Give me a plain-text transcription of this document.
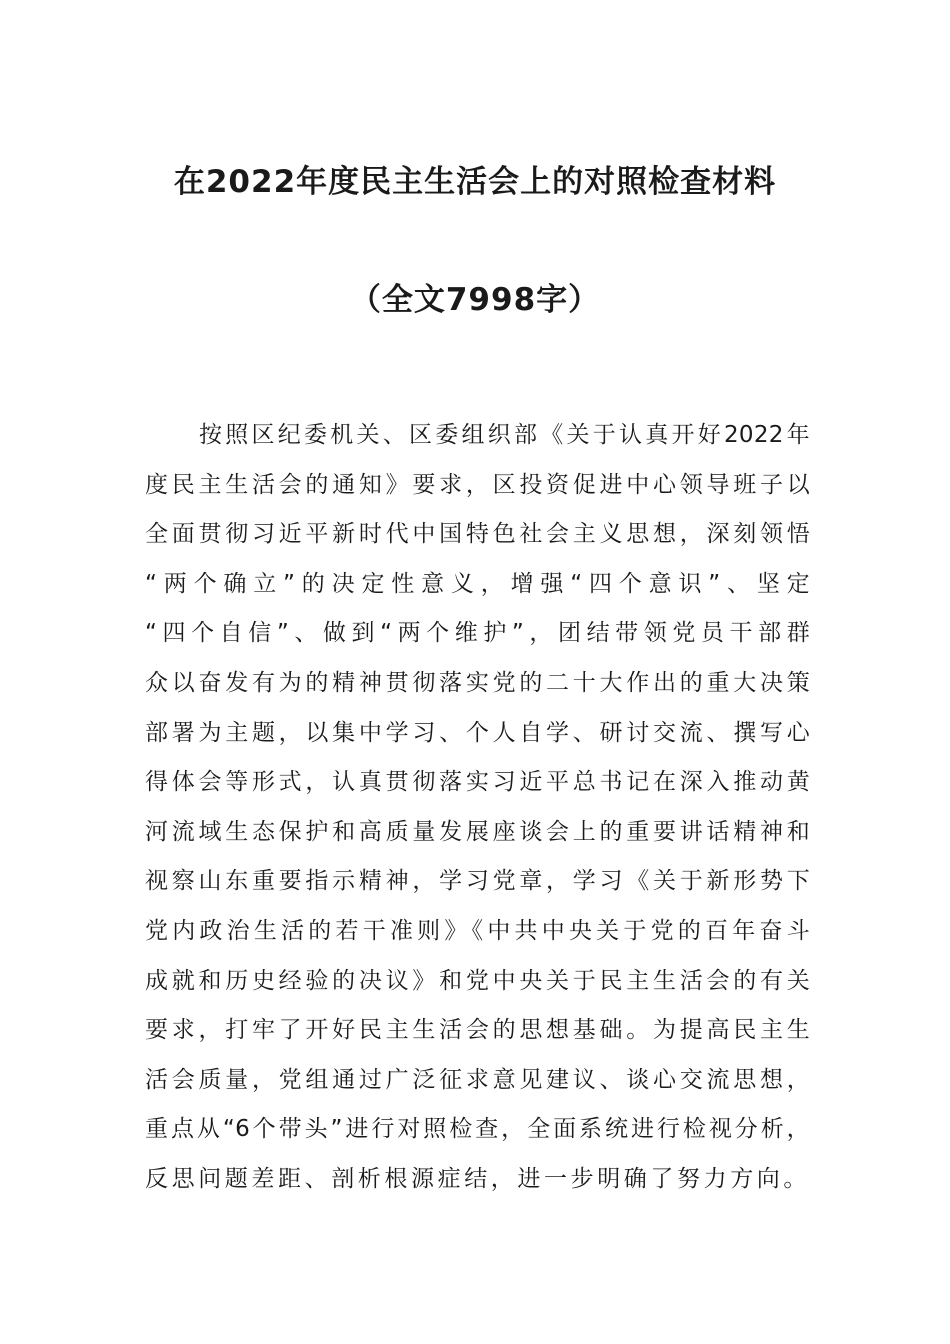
在2022年度民主生活会上的对照检查材料
（全文7998字）
按照区纪委机关、区委组织部《关于认真开好2022年
度民主生活会的通知》要求，区投资促进中心领导班子以
全面贯彻习近平新时代中国特色社会主义思想，深刻领悟
“两个确立”的决定性意义，增强“四个意识”、坚定
“四个自信”、做到“两个维护”，团结带领党员干部群
众以奋发有为的精神贯彻落实党的二十大作出的重大决策
部署为主题，以集中学习、个人自学、研讨交流、撰写心
得体会等形式，认真贯彻落实习近平总书记在深入推动黄
河流域生态保护和高质量发展座谈会上的重要讲话精神和
视察山东重要指示精神，学习党章，学习《关于新形势下
党内政治生活的若干准则》《中共中央关于党的百年奋斗
成就和历史经验的决议》和党中央关于民主生活会的有关
要求，打牢了开好民主生活会的思想基础。为提高民主生
活会质量，党组通过广泛征求意见建议、谈心交流思想，
重点从“6个带头”进行对照检查，全面系统进行检视分析，
反思问题差距、剖析根源症结，进一步明确了努力方向。
